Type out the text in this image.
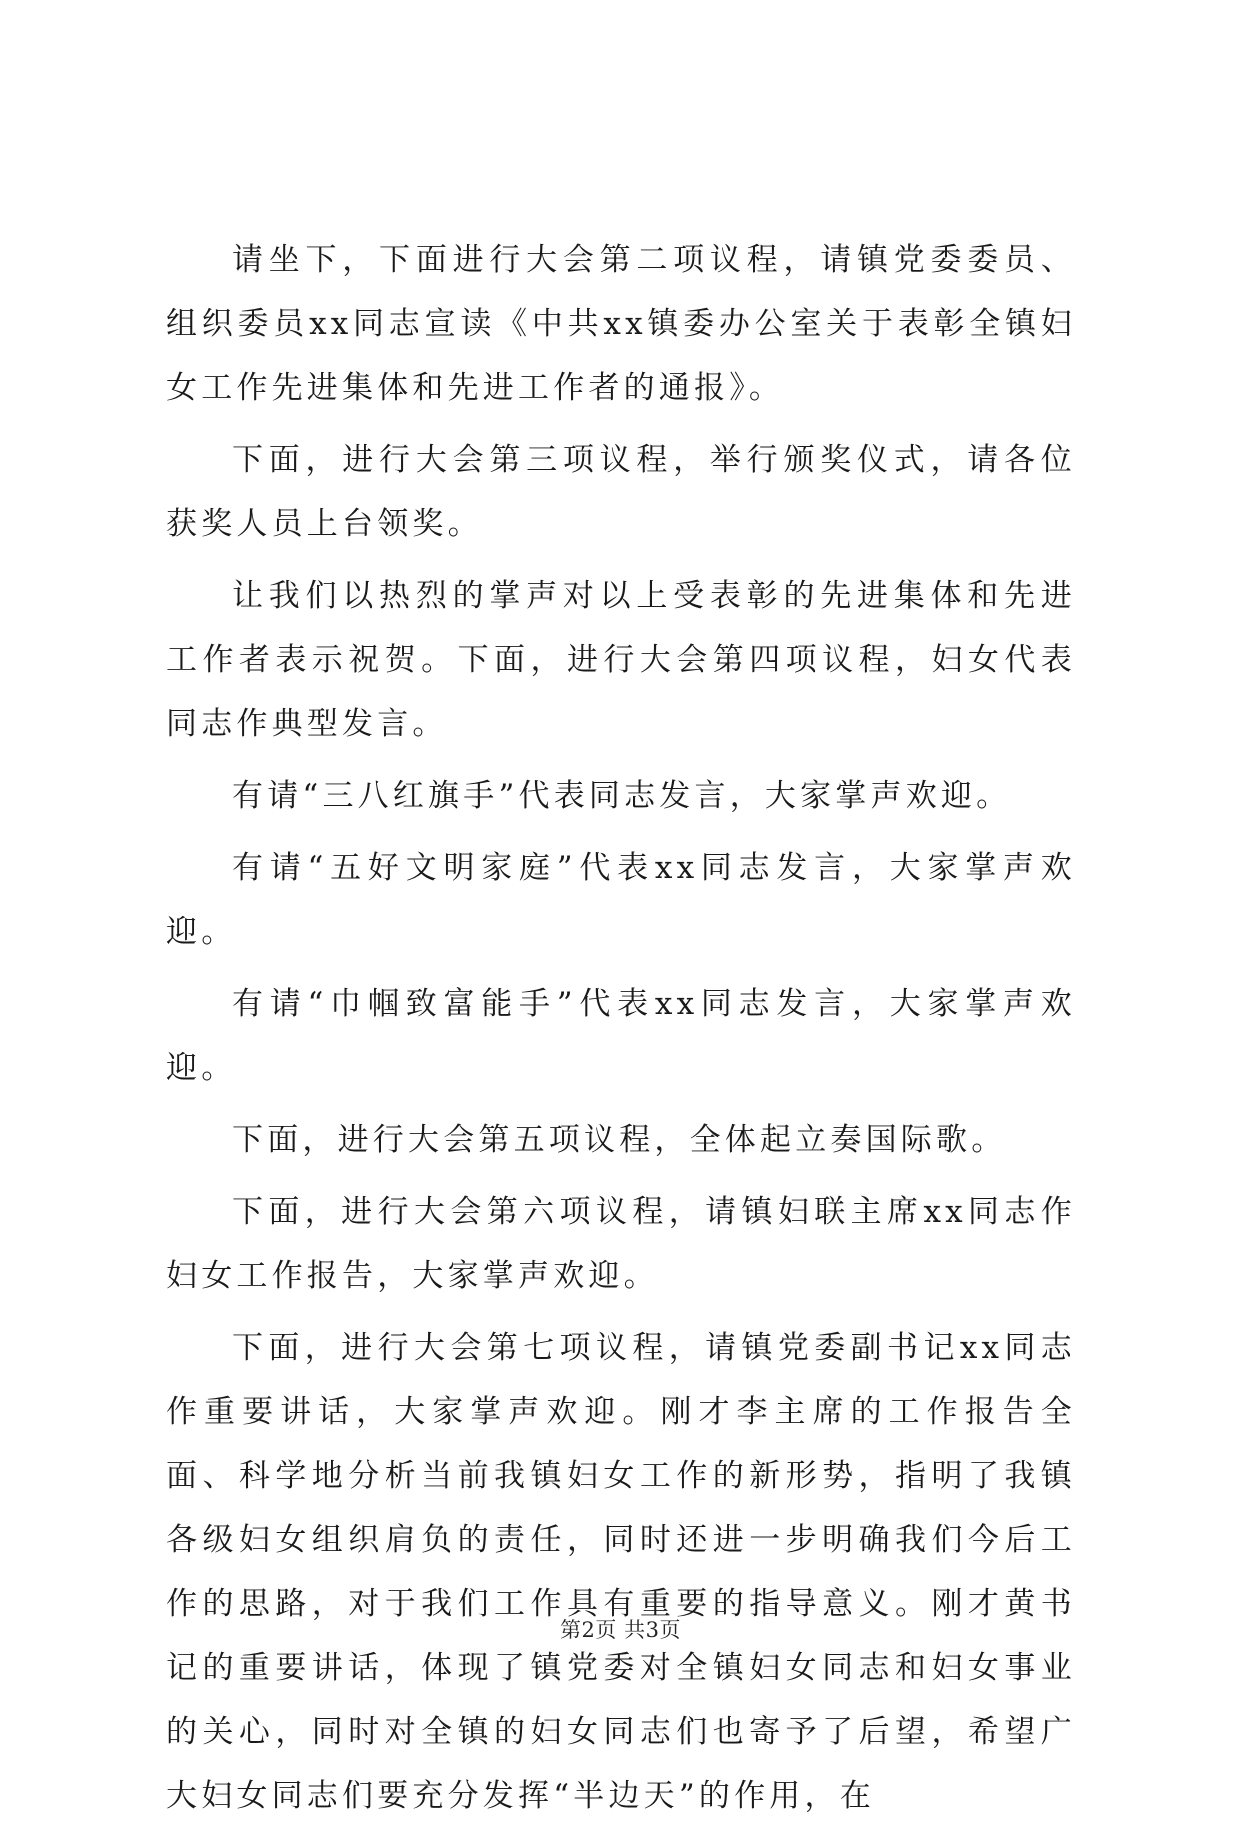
请坐下，下面进行大会第二项议程，请镇党委委员、组织委员xx同志宣读《中共xx镇委办公室关于表彰全镇妇女工作先进集体和先进工作者的通报》。

下面，进行大会第三项议程，举行颁奖仪式，请各位获奖人员上台领奖。

让我们以热烈的掌声对以上受表彰的先进集体和先进工作者表示祝贺。下面，进行大会第四项议程，妇女代表同志作典型发言。

有请“三八红旗手”代表同志发言，大家掌声欢迎。

有请“五好文明家庭”代表xx同志发言，大家掌声欢迎。

有请“巾帼致富能手”代表xx同志发言，大家掌声欢迎。

下面，进行大会第五项议程，全体起立奏国际歌。

下面，进行大会第六项议程，请镇妇联主席xx同志作妇女工作报告，大家掌声欢迎。

下面，进行大会第七项议程，请镇党委副书记xx同志作重要讲话，大家掌声欢迎。刚才李主席的工作报告全面、科学地分析当前我镇妇女工作的新形势，指明了我镇各级妇女组织肩负的责任，同时还进一步明确我们今后工作的思路，对于我们工作具有重要的指导意义。刚才黄书记的重要讲话，体现了镇党委对全镇妇女同志和妇女事业的关心，同时对全镇的妇女同志们也寄予了后望，希望广大妇女同志们要充分发挥“半边天”的作用，在

第2页 共3页
